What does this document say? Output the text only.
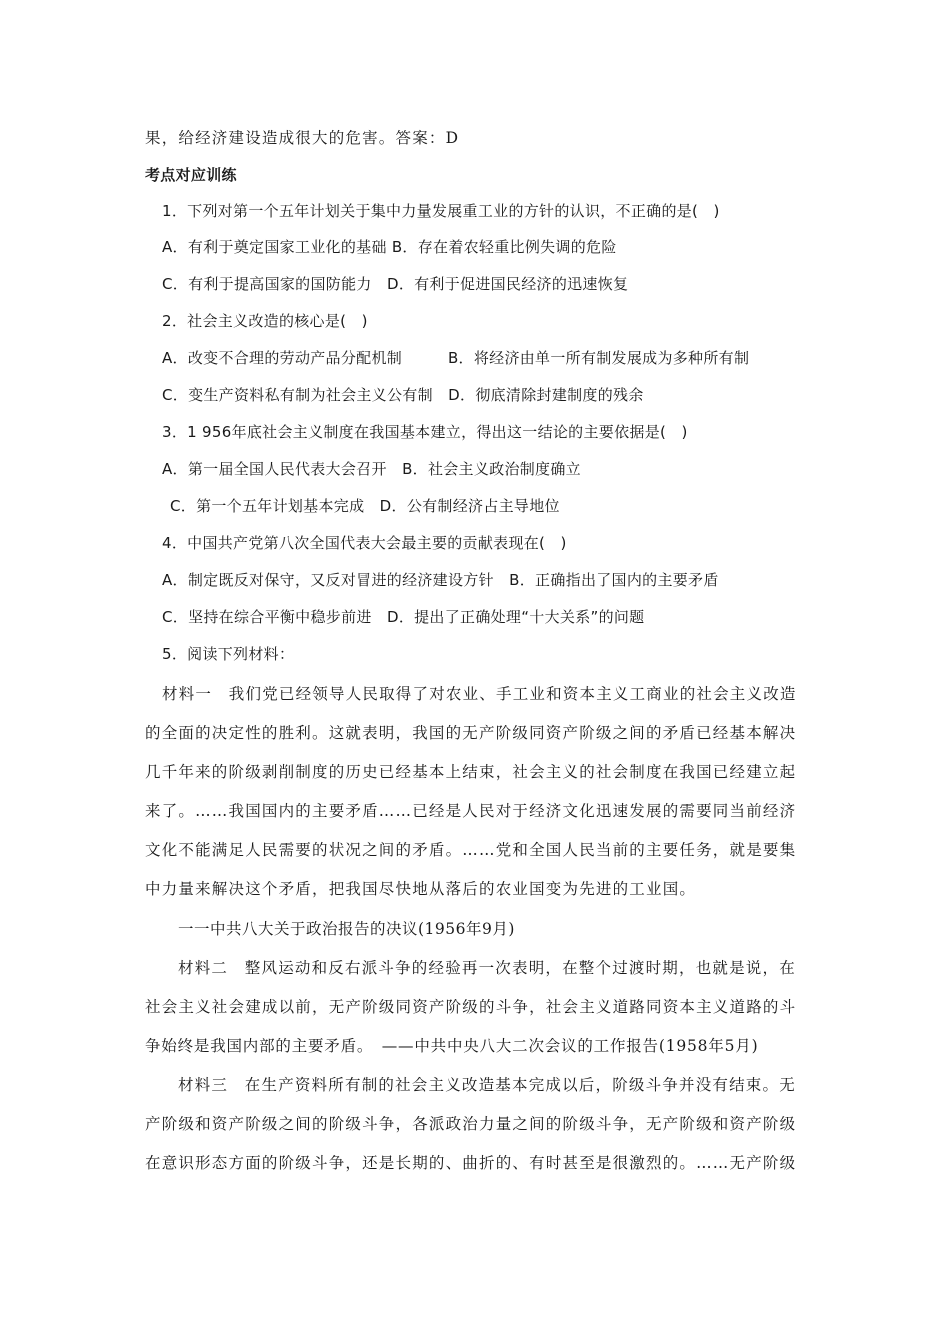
果，给经济建设造成很大的危害。答案：D
考点对应训练
1．下列对第一个五年计划关于集中力量发展重工业的方针的认识，不正确的是(　)
A．有利于奠定国家工业化的基础 B．存在着农轻重比例失调的危险
C．有利于提高国家的国防能力　D．有利于促进国民经济的迅速恢复
2．社会主义改造的核心是(　)
A．改变不合理的劳动产品分配机制　　　B．将经济由单一所有制发展成为多种所有制
C．变生产资料私有制为社会主义公有制　D．彻底清除封建制度的残余
3．1 956年底社会主义制度在我国基本建立，得出这一结论的主要依据是(　)
A．第一届全国人民代表大会召开　B．社会主义政治制度确立
C．第一个五年计划基本完成　D．公有制经济占主导地位
4．中国共产党第八次全国代表大会最主要的贡献表现在(　)
A．制定既反对保守，又反对冒进的经济建设方针　B．正确指出了国内的主要矛盾
C．坚持在综合平衡中稳步前进　D．提出了正确处理“十大关系”的问题
5．阅读下列材料：
材料一　我们党已经领导人民取得了对农业、手工业和资本主义工商业的社会主义改造
的全面的决定性的胜利。这就表明，我国的无产阶级同资产阶级之间的矛盾已经基本解决
几千年来的阶级剥削制度的历史已经基本上结束，社会主义的社会制度在我国已经建立起
来了。……我国国内的主要矛盾……已经是人民对于经济文化迅速发展的需要同当前经济
文化不能满足人民需要的状况之间的矛盾。……党和全国人民当前的主要任务，就是要集
中力量来解决这个矛盾，把我国尽快地从落后的农业国变为先进的工业国。
一一中共八大关于政治报告的决议(1956年9月)
材料二　整风运动和反右派斗争的经验再一次表明，在整个过渡时期，也就是说，在
社会主义社会建成以前，无产阶级同资产阶级的斗争，社会主义道路同资本主义道路的斗
争始终是我国内部的主要矛盾。　——中共中央八大二次会议的工作报告(1958年5月)
材料三　在生产资料所有制的社会主义改造基本完成以后，阶级斗争并没有结束。无
产阶级和资产阶级之间的阶级斗争，各派政治力量之间的阶级斗争，无产阶级和资产阶级
在意识形态方面的阶级斗争，还是长期的、曲折的、有时甚至是很激烈的。……无产阶级
